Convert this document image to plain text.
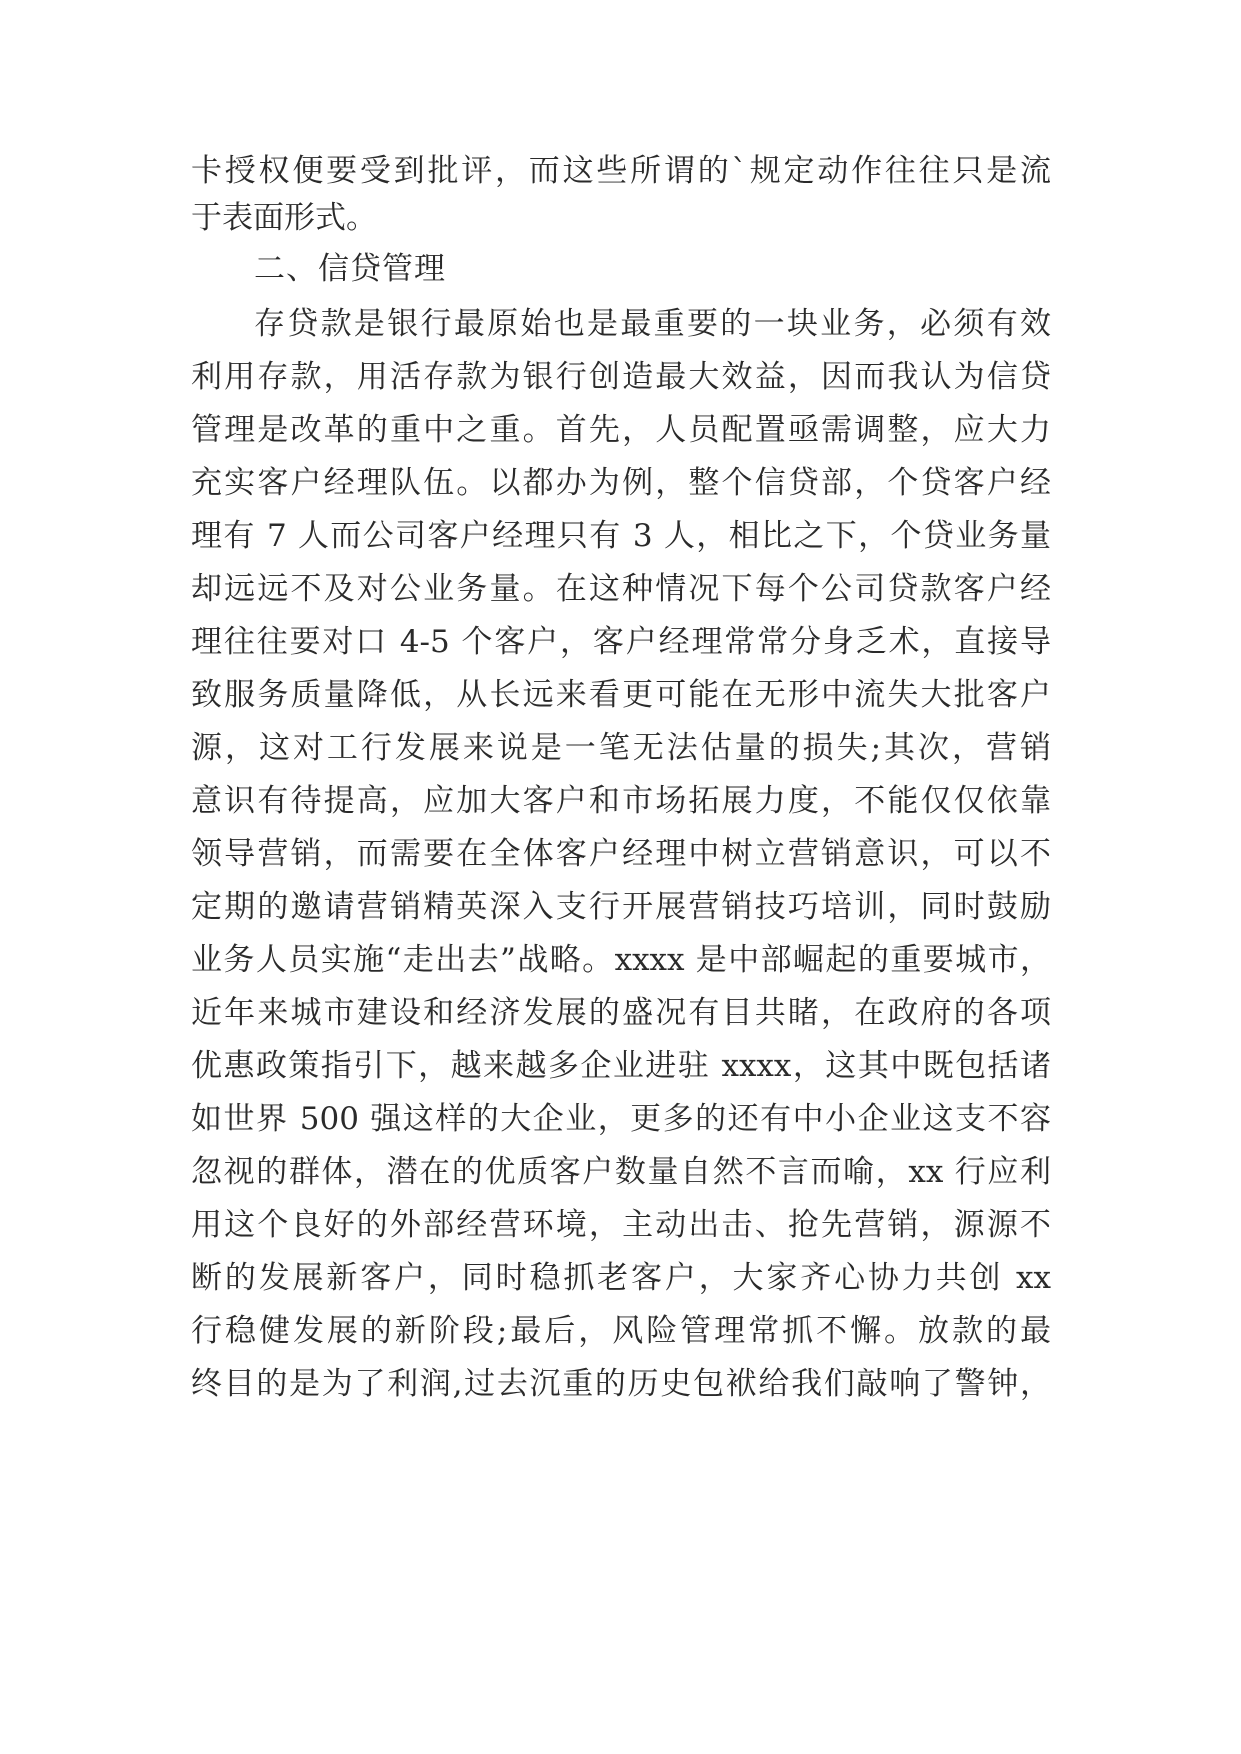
卡授权便要受到批评，而这些所谓的`规定动作往往只是流
于表面形式。
二、信贷管理
存贷款是银行最原始也是最重要的一块业务，必须有效
利用存款，用活存款为银行创造最大效益，因而我认为信贷
管理是改革的重中之重。首先，人员配置亟需调整，应大力
充实客户经理队伍。以都办为例，整个信贷部，个贷客户经
理有 7 人而公司客户经理只有 3 人，相比之下，个贷业务量
却远远不及对公业务量。在这种情况下每个公司贷款客户经
理往往要对口 4-5 个客户，客户经理常常分身乏术，直接导
致服务质量降低，从长远来看更可能在无形中流失大批客户
源，这对工行发展来说是一笔无法估量的损失;其次，营销
意识有待提高，应加大客户和市场拓展力度，不能仅仅依靠
领导营销，而需要在全体客户经理中树立营销意识，可以不
定期的邀请营销精英深入支行开展营销技巧培训，同时鼓励
业务人员实施“走出去”战略。xxxx 是中部崛起的重要城市，
近年来城市建设和经济发展的盛况有目共睹，在政府的各项
优惠政策指引下，越来越多企业进驻 xxxx，这其中既包括诸
如世界 500 强这样的大企业，更多的还有中小企业这支不容
忽视的群体，潜在的优质客户数量自然不言而喻，xx 行应利
用这个良好的外部经营环境，主动出击、抢先营销，源源不
断的发展新客户，同时稳抓老客户，大家齐心协力共创 xx
行稳健发展的新阶段;最后，风险管理常抓不懈。放款的最
终目的是为了利润,过去沉重的历史包袱给我们敲响了警钟，
